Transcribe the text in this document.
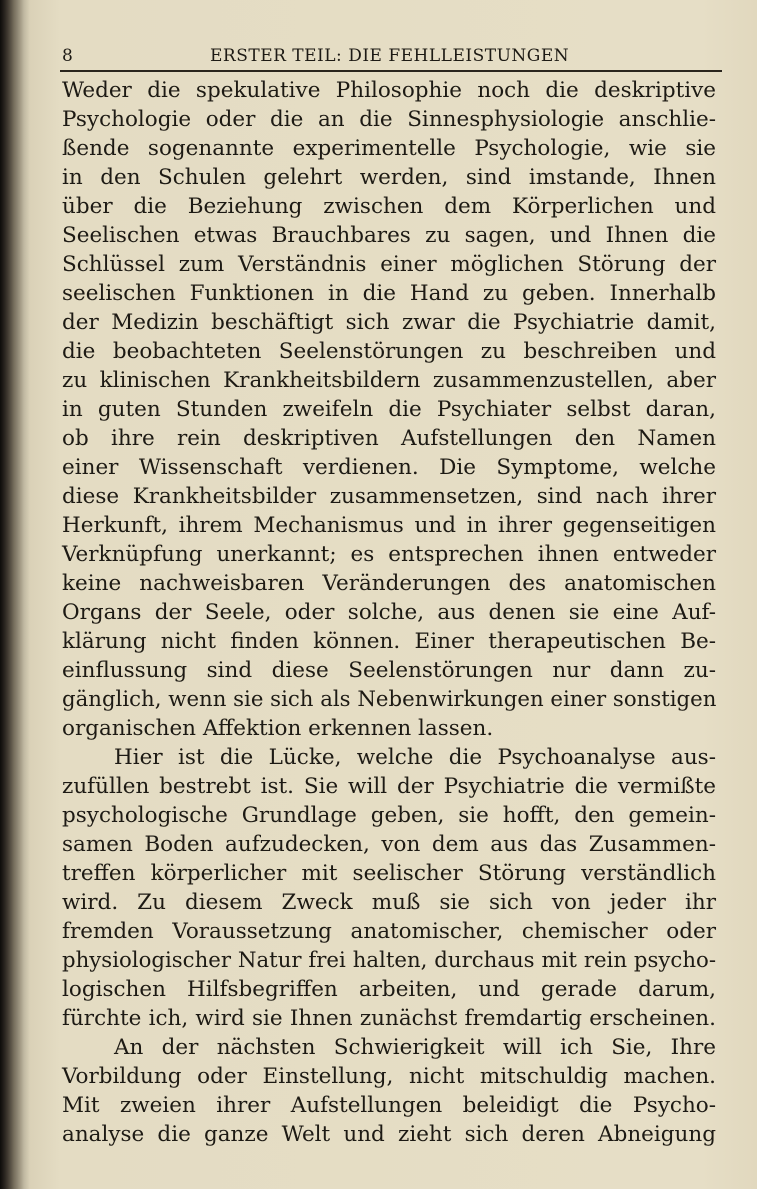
8	ERSTER TEIL: DIE FEHLLEISTUNGEN
Weder die spekulative Philosophie noch die deskriptive
Psychologie oder die an die Sinnesphysiologie anschlie-
ßende sogenannte experimentelle Psychologie, wie sie
in den Schulen gelehrt werden, sind imstande, Ihnen
über die Beziehung zwischen dem Körperlichen und
Seelischen etwas Brauchbares zu sagen, und Ihnen die
Schlüssel zum Verständnis einer möglichen Störung der
seelischen Funktionen in die Hand zu geben. Innerhalb
der Medizin beschäftigt sich zwar die Psychiatrie damit,
die beobachteten Seelenstörungen zu beschreiben und
zu klinischen Krankheitsbildern zusammenzustellen, aber
in guten Stunden zweifeln die Psychiater selbst daran,
ob ihre rein deskriptiven Aufstellungen den Namen
einer Wissenschaft verdienen. Die Symptome, welche
diese Krankheitsbilder zusammensetzen, sind nach ihrer
Herkunft, ihrem Mechanismus und in ihrer gegenseitigen
Verknüpfung unerkannt; es entsprechen ihnen entweder
keine nachweisbaren Veränderungen des anatomischen
Organs der Seele, oder solche, aus denen sie eine Auf-
klärung nicht finden können. Einer therapeutischen Be-
einflussung sind diese Seelenstörungen nur dann zu-
gänglich, wenn sie sich als Nebenwirkungen einer sonstigen
organischen Affektion erkennen lassen.
Hier ist die Lücke, welche die Psychoanalyse aus-
zufüllen bestrebt ist. Sie will der Psychiatrie die vermißte
psychologische Grundlage geben, sie hofft, den gemein-
samen Boden aufzudecken, von dem aus das Zusammen-
treffen körperlicher mit seelischer Störung verständlich
wird. Zu diesem Zweck muß sie sich von jeder ihr
fremden Voraussetzung anatomischer, chemischer oder
physiologischer Natur frei halten, durchaus mit rein psycho-
logischen Hilfsbegriffen arbeiten, und gerade darum,
fürchte ich, wird sie Ihnen zunächst fremdartig erscheinen.
An der nächsten Schwierigkeit will ich Sie, Ihre
Vorbildung oder Einstellung, nicht mitschuldig machen.
Mit zweien ihrer Aufstellungen beleidigt die Psycho-
analyse die ganze Welt und zieht sich deren Abneigung
